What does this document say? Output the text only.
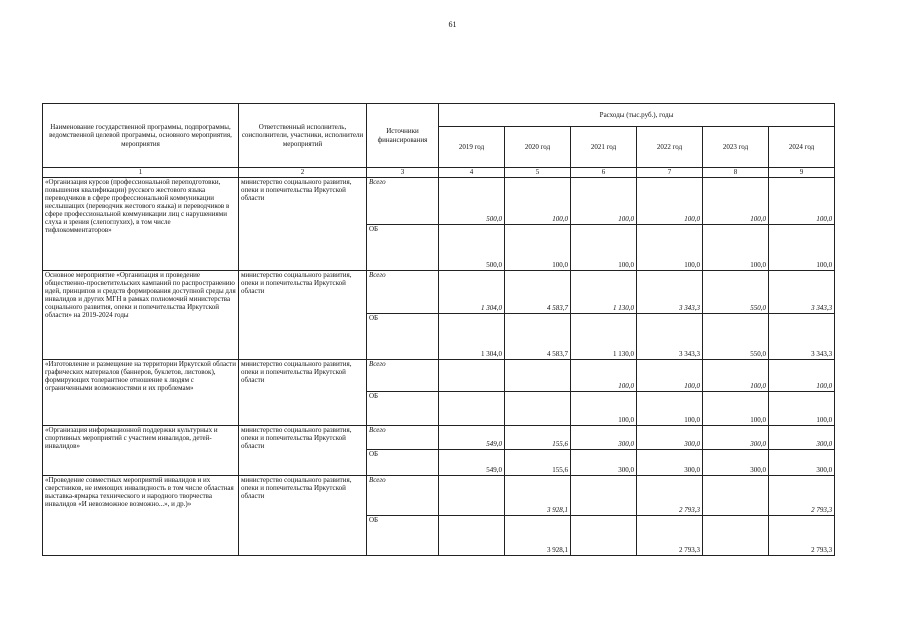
61
Наименование государственной программы, подпрограммы, ведомственной целевой программы, основного мероприятия, мероприятия	Ответственный исполнитель, соисполнители, участники, исполнители мероприятий	Источники финансирования	Расходы (тыс.руб.), годы					
			2019 год	2020 год	2021 год	2022 год	2023 год	2024 год
1	2	3	4	5	6	7	8	9
«Организация курсов (профессиональной переподготовки, повышения квалификации) русского жестового языка переводчиков в сфере профессиональной коммуникации неслышащих (переводчик жестового языка) и переводчиков в сфере профессиональной коммуникации лиц с нарушениями слуха и зрения (слепоглухих), в том числе тифлокомментаторов»	министерство социального развития, опеки и попечительства Иркутской области	Всего	500,0	100,0	100,0	100,0	100,0	100,0
		ОБ	500,0	100,0	100,0	100,0	100,0	100,0
Основное мероприятие «Организация и проведение общественно-просветительских кампаний по распространению идей, принципов и средств формирования доступной среды для инвалидов и других МГН в рамках полномочий министерства социального развития, опеки и попечительства Иркутской области» на 2019-2024 годы	министерство социального развития, опеки и попечительства Иркутской области	Всего	1 304,0	4 583,7	1 130,0	3 343,3	550,0	3 343,3
		ОБ	1 304,0	4 583,7	1 130,0	3 343,3	550,0	3 343,3
«Изготовление и размещение на территории Иркутской области графических материалов (баннеров, буклетов, листовок), формирующих толерантное отношение к людям с ограниченными возможностями и их проблемам»	министерство социального развития, опеки и попечительства Иркутской области	Всего			100,0	100,0	100,0	100,0
		ОБ			100,0	100,0	100,0	100,0
«Организация информационной поддержки культурных и спортивных мероприятий с участием инвалидов, детей-инвалидов»	министерство социального развития, опеки и попечительства Иркутской области	Всего	549,0	155,6	300,0	300,0	300,0	300,0
		ОБ	549,0	155,6	300,0	300,0	300,0	300,0
«Проведение совместных мероприятий инвалидов и их сверстников, не имеющих инвалидность в том числе областная выставка-ярмарка технического и народного творчества инвалидов «И невозможное возможно...», и др.)»	министерство социального развития, опеки и попечительства Иркутской области	Всего		3 928,1		2 793,3		2 793,3
		ОБ		3 928,1		2 793,3		2 793,3
